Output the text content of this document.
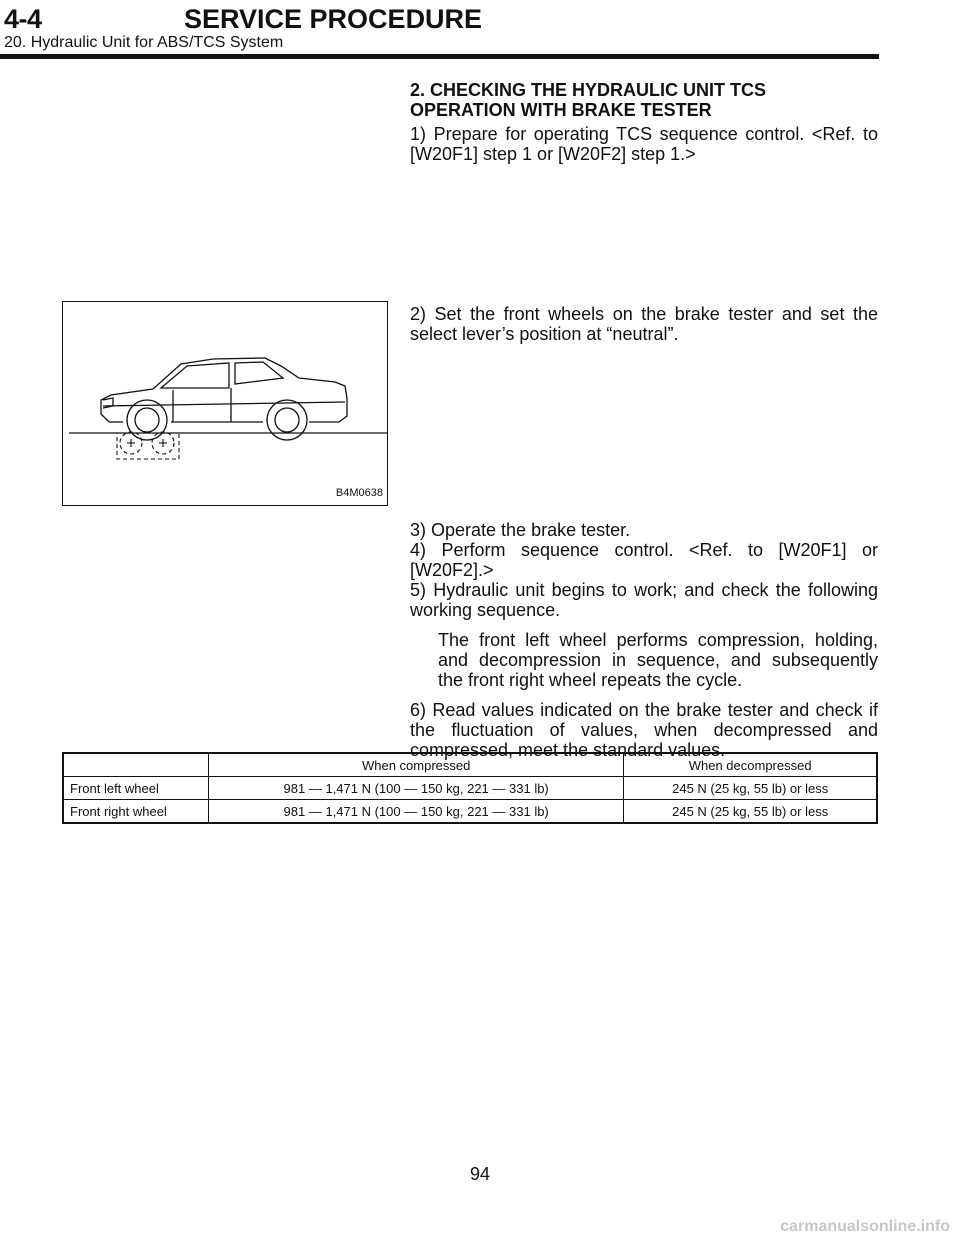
4-4	SERVICE PROCEDURE
20. Hydraulic Unit for ABS/TCS System
2. CHECKING THE HYDRAULIC UNIT TCS
OPERATION WITH BRAKE TESTER

1) Prepare for operating TCS sequence control. <Ref. to [W20F1] step 1 or [W20F2] step 1.>

B4M0638

2) Set the front wheels on the brake tester and set the select lever’s position at “neutral”.

3) Operate the brake tester.

4) Perform sequence control. <Ref. to [W20F1] or [W20F2].>

5) Hydraulic unit begins to work; and check the following working sequence.

The front left wheel performs compression, holding, and decompression in sequence, and subsequently the front right wheel repeats the cycle.

6) Read values indicated on the brake tester and check if the fluctuation of values, when decompressed and compressed, meet the standard values.

	When compressed	When decompressed
Front left wheel	981 — 1,471 N (100 — 150 kg, 221 — 331 lb)	245 N (25 kg, 55 lb) or less
Front right wheel	981 — 1,471 N (100 — 150 kg, 221 — 331 lb)	245 N (25 kg, 55 lb) or less
94
carmanualsonline.info
